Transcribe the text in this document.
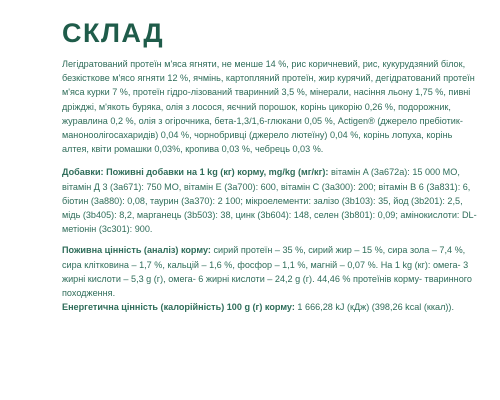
СКЛАД

Легідратований протеїн м'яса ягняти, не менше 14 %, рис коричневий, рис, кукурудзяний білок, безкісткове м'ясо ягняти 12 %, ячмінь, картопляний протеїн, жир курячий, дегідратований протеїн м'яса курки 7 %, протеїн гідро-лізований тваринний 3,5 %, мінерали, насіння льону 1,75 %, пивні дріжджі, м'якоть буряка, олія з лосося, яєчний порошок, корінь цикорію 0,26 %, подорожник, журавлина 0,2 %, олія з огірочника, бета-1,3/1,6-глюкани 0,05 %, Actigen® (джерело пребіотик- маноноолігосахаридів) 0,04 %, чорнобривці (джерело лютеїну) 0,04 %, корінь лопуха, корінь алтея, квіти ромашки 0,03%, кропива 0,03 %, чебрець 0,03 %.

Добавки: Поживні добавки на 1 kg (кг) корму, mg/kg (мг/кг): вітамін A (3a672a): 15 000 МО, вітамін Д 3 (3a671): 750 МО, вітамін Е (3a700): 600, вітамін С (3a300): 200; вітамін В 6 (3a831): 6, біотин (3a880): 0,08, таурин (3a370): 2 100; мікроелементи: залізо (3b103): 35, йод (3b201): 2,5, мідь (3b405): 8,2, марганець (3b503): 38, цинк (3b604): 148, селен (3b801): 0,09; амінокислоти: DL-метіонін (3c301): 900.

Поживна цінність (аналіз) корму: сирий протеїн – 35 %, сирий жир – 15 %, сира зола – 7,4 %, сира клітковина – 1,7 %, кальцій – 1,6 %, фосфор – 1,1 %, магній – 0,07 %. На 1 kg (кг): омега- 3 жирні кислоти – 5,3 g (г), омега- 6 жирні кислоти – 24,2 g (г). 44,46 % протеїнів корму- тваринного походження.

Енергетична цінність (калорійність) 100 g (г) корму: 1 666,28 kJ (кДж) (398,26 kcal (ккал)).
